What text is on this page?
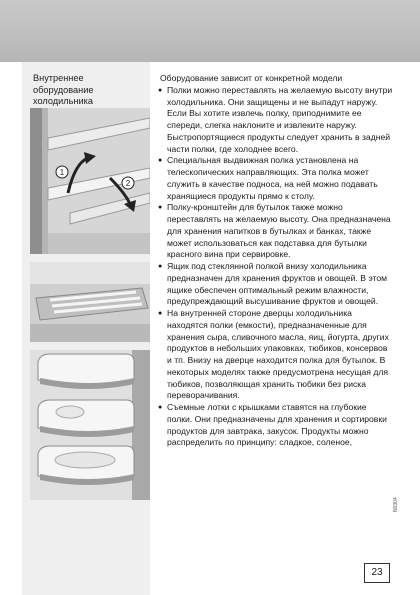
Внутреннее оборудование холодильника
1
2
Оборудование зависит от конкретной модели
● Полки можно переставлять на желаемую высоту внутри холодильника. Они защищены и не выпадут наружу. Если Вы хотите извлечь полку, приподнимите ее спереди, слегка наклоните и извлеките наружу. Быстропортящиеся продукты следует хранить в задней части полки, где холоднее всего.
● Специальная выдвижная полка установлена на телескопических направляющих. Эта полка может служить в качестве подноса, на ней можно подавать хранящиеся продукты прямо к столу.
● Полку-кронштейн для бутылок также можно переставлять на желаемую высоту. Она предназначена для хранения напитков в бутылках и банках, также может использоваться как подставка для бутылки красного вина при сервировке.
● Ящик под стеклянной полкой внизу холодильника предназначен для хранения фруктов и овощей. В этом ящике обеспечен оптимальный режим влажности, предупреждающий высушивание фруктов и овощей.
● На внутренней стороне дверцы холодильника находятся полки (емкости), предназначенные для хранения сыра, сливочного масла, яиц, йогурта, других продуктов в небольших упаковках, тюбиков, консервов и тп. Внизу на дверце находится полка для бутылок. В некоторых моделях также предусмотрена несущая для тюбиков, позволяющая хранить тюбики без риска переворачивания.
● Съемные лотки с крышками ставятся на глубокие полки. Они предназначены для хранения и сортировки продуктов для завтрака, закусок. Продукты можно распределить по принципу: сладкое, соленое,
N0304
23
